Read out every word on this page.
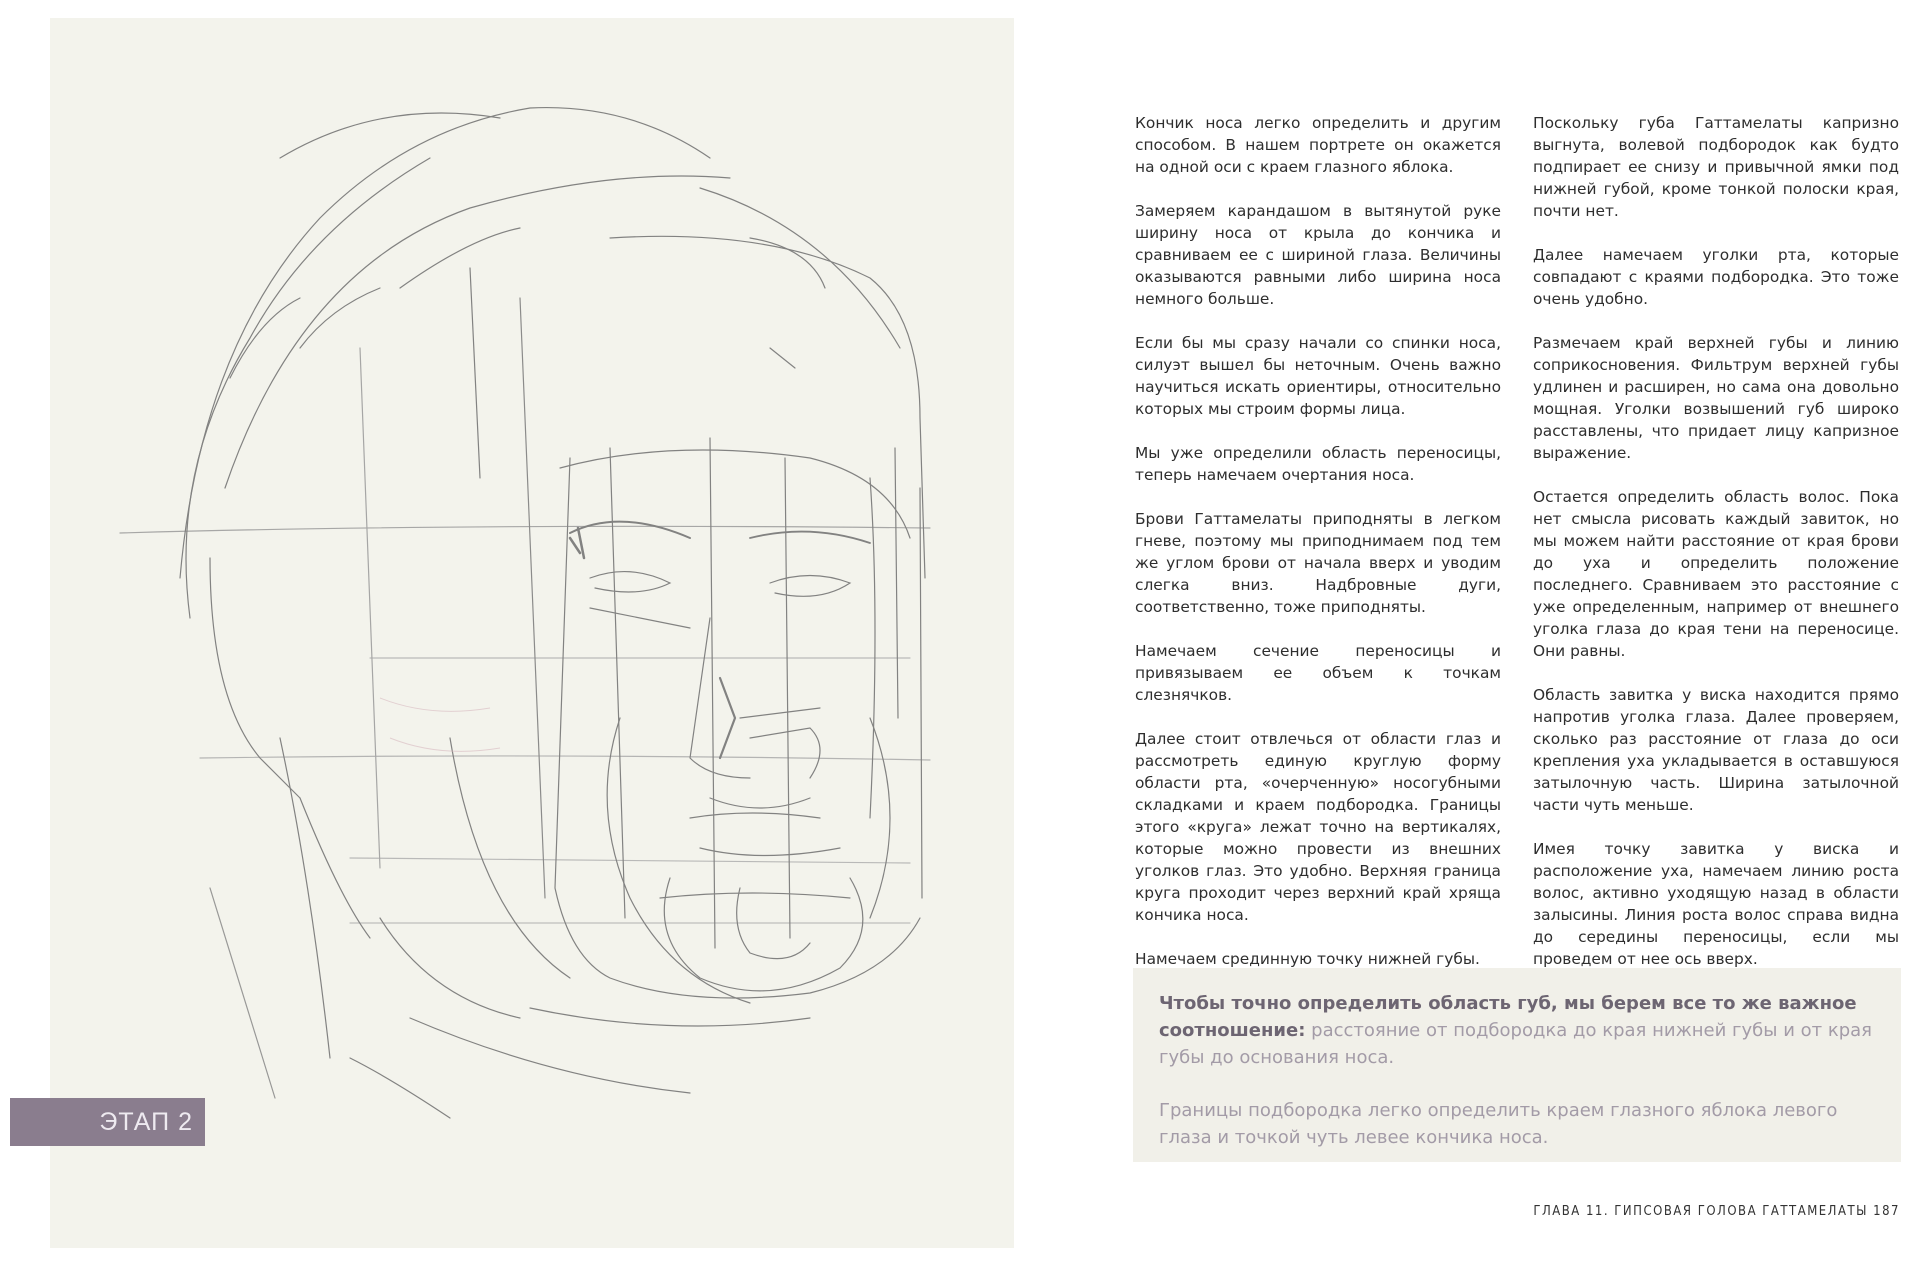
ЭТАП 2

Кончик носа легко определить и другим способом. В нашем портрете он окажется на одной оси с краем глазного яблока.

Замеряем карандашом в вытянутой руке ширину носа от крыла до кончика и сравниваем ее с шириной глаза. Величины оказываются равными либо ширина носа немного больше.

Если бы мы сразу начали со спинки носа, силуэт вышел бы неточным. Очень важно научиться искать ориентиры, относительно которых мы строим формы лица.

Мы уже определили область переносицы, теперь намечаем очертания носа.

Брови Гаттамелаты приподняты в легком гневе, поэтому мы приподнимаем под тем же углом брови от начала вверх и уводим слегка вниз. Надбровные дуги, соответственно, тоже приподняты.

Намечаем сечение переносицы и привязываем ее объем к точкам слезнячков.

Далее стоит отвлечься от области глаз и рассмотреть единую круглую форму области рта, «очерченную» носогубными складками и краем подбородка. Границы этого «круга» лежат точно на вертикалях, которые можно провести из внешних уголков глаз. Это удобно. Верхняя граница круга проходит через верхний край хряща кончика носа.

Намечаем срединную точку нижней губы.

Поскольку губа Гаттамелаты капризно выгнута, волевой подбородок как будто подпирает ее снизу и привычной ямки под нижней губой, кроме тонкой полоски края, почти нет.

Далее намечаем уголки рта, которые совпадают с краями подбородка. Это тоже очень удобно.

Размечаем край верхней губы и линию соприкосновения. Фильтрум верхней губы удлинен и расширен, но сама она довольно мощная. Уголки возвышений губ широко расставлены, что придает лицу капризное выражение.

Остается определить область волос. Пока нет смысла рисовать каждый завиток, но мы можем найти расстояние от края брови до уха и определить положение последнего. Сравниваем это расстояние с уже определенным, например от внешнего уголка глаза до края тени на переносице. Они равны.

Область завитка у виска находится прямо напротив уголка глаза. Далее проверяем, сколько раз расстояние от глаза до оси крепления уха укладывается в оставшуюся затылочную часть. Ширина затылочной части чуть меньше.

Имея точку завитка у виска и расположение уха, намечаем линию роста волос, активно уходящую назад в области залысины. Линия роста волос справа видна до середины переносицы, если мы проведем от нее ось вверх.

Чтобы точно определить область губ, мы берем все то же важное соотношение: расстояние от подбородка до края нижней губы и от края губы до основания носа.

Границы подбородка легко определить краем глазного яблока левого глаза и точкой чуть левее кончика носа.

ГЛАВА 11. ГИПСОВАЯ ГОЛОВА ГАТТАМЕЛАТЫ 187
